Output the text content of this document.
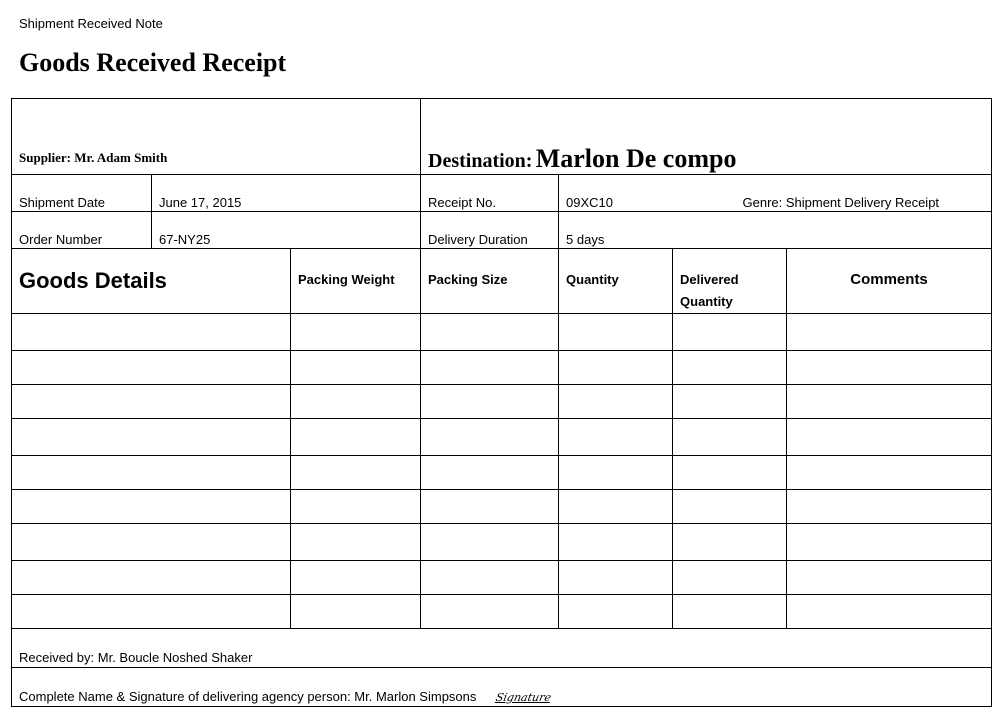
Shipment Received Note
Goods Received Receipt
Supplier: Mr. Adam Smith			Destination: Marlon De compo			
Shipment Date	June 17, 2015		Receipt No.	09XC10 Genre: Shipment Delivery Receipt		

Order Number	67-NY25		Delivery Duration	5 days		
Goods Details		Packing Weight	Packing Size	Quantity	Delivered Quantity	Comments

Received by: Mr. Boucle Noshed Shaker						
Complete Name & Signature of delivering agency person: Mr. Marlon Simpsons Signature						
